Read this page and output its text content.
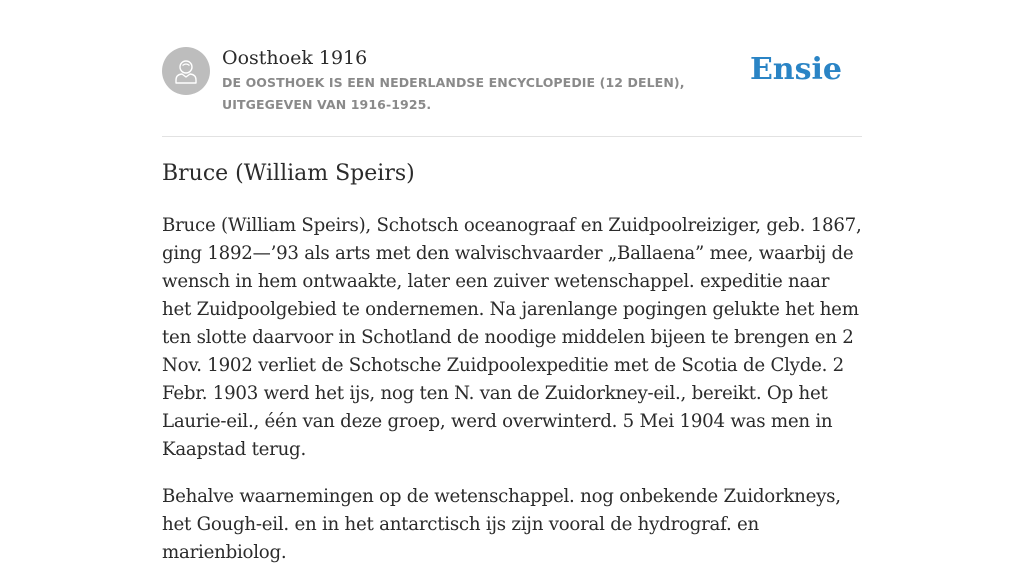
Oosthoek 1916
DE OOSTHOEK IS EEN NEDERLANDSE ENCYCLOPEDIE (12 DELEN), UITGEGEVEN VAN 1916-1925.
Ensie
Bruce (William Speirs)

Bruce (William Speirs), Schotsch oceanograaf en Zuidpoolreiziger, geb. 1867, ging 1892—’93 als arts met den walvischvaarder „Ballaena” mee, waarbij de wensch in hem ontwaakte, later een zuiver wetenschappel. expeditie naar het Zuidpoolgebied te ondernemen. Na jarenlange pogingen gelukte het hem ten slotte daarvoor in Schotland de noodige middelen bijeen te brengen en 2 Nov. 1902 verliet de Schotsche Zuidpoolexpeditie met de Scotia de Clyde. 2 Febr. 1903 werd het ijs, nog ten N. van de Zuidorkney-eil., bereikt. Op het Laurie-eil., één van deze groep, werd overwinterd. 5 Mei 1904 was men in Kaapstad terug.

Behalve waarnemingen op de wetenschappel. nog onbekende Zuidorkneys, het Gough-eil. en in het antarctisch ijs zijn vooral de hydrograf. en marienbiolog.
